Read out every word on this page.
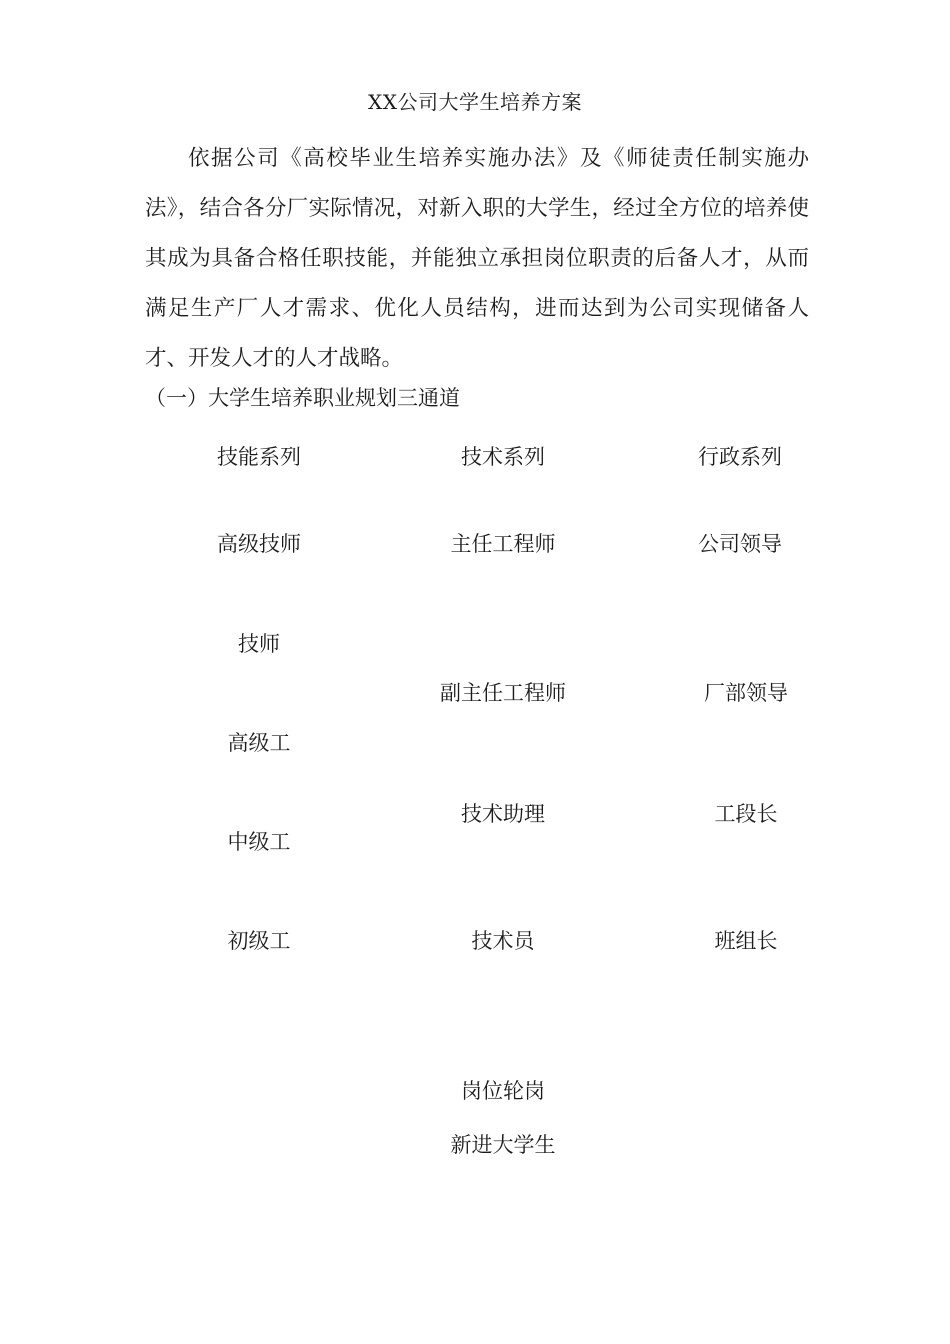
XX公司大学生培养方案

依据公司《高校毕业生培养实施办法》及《师徒责任制实施办法》，结合各分厂实际情况，对新入职的大学生，经过全方位的培养使其成为具备合格任职技能，并能独立承担岗位职责的后备人才，从而满足生产厂人才需求、优化人员结构，进而达到为公司实现储备人才、开发人才的人才战略。

（一）大学生培养职业规划三通道
技能系列
高级技师
技师
高级工
中级工
初级工
技术系列
主任工程师
副主任工程师
技术助理
技术员
行政系列
公司领导
厂部领导
工段长
班组长
岗位轮岗
新进大学生
